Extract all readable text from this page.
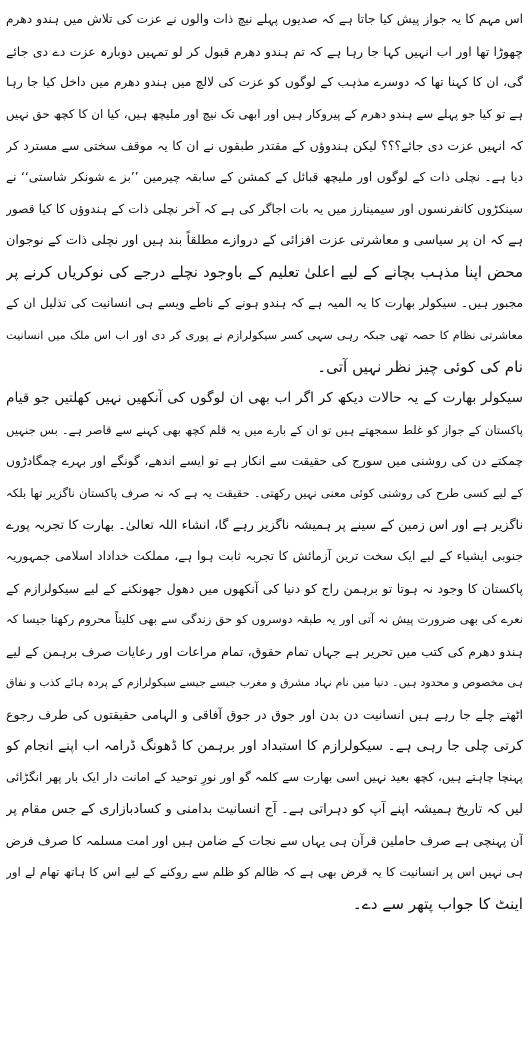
اس مہم کا یہ جواز پیش کیا جاتا ہے کہ صدیوں پہلے نیچ ذات والوں نے عزت کی تلاش میں ہندو دھرم
چھوڑا تھا اور اب انہیں کہا جا رہا ہے کہ تم ہندو دھرم قبول کر لو تمہیں دوبارہ عزت دے دی جائے
گی، ان کا کہنا تھا کہ دوسرے مذہب کے لوگوں کو عزت کی لالچ میں ہندو دھرم میں داخل کیا جا رہا
ہے تو کیا جو پہلے سے ہندو دھرم کے پیروکار ہیں اور ابھی تک نیچ اور ملیچھ ہیں، کیا ان کا کچھ حق نہیں
کہ انہیں عزت دی جائے؟؟؟ لیکن ہندوؤں کے مقتدر طبقوں نے ان کا یہ موقف سختی سے مسترد کر
دیا ہے۔ نچلی ذات کے لوگوں اور ملیچھ قبائل کے کمشن کے سابقہ چیرمین ’’بز ے شونکر شاستی‘‘ نے
سینکڑوں کانفرنسوں اور سیمینارز میں یہ بات اجاگر کی ہے کہ آخر نچلی ذات کے ہندوؤں کا کیا قصور
ہے کہ ان پر سیاسی و معاشرتی عزت افزائی کے دروازے مطلقاً بند ہیں اور نچلی ذات کے نوجوان
محض اپنا مذہب بچانے کے لیے اعلیٰ تعلیم کے باوجود نچلے درجے کی نوکریاں کرنے پر
مجبور ہیں۔ سیکولر بھارت کا یہ المیہ ہے کہ ہندو ہونے کے ناطے ویسے ہی انسانیت کی تذلیل ان کے
معاشرتی نظام کا حصہ تھی جبکہ رہی سہی کسر سیکولرازم نے پوری کر دی اور اب اس ملک میں انسانیت
نام کی کوئی چیز نظر نہیں آتی۔
سیکولر بھارت کے یہ حالات دیکھ کر اگر اب بھی ان لوگوں کی آنکھیں نہیں کھلتیں جو قیام
پاکستان کے جواز کو غلط سمجھتے ہیں تو ان کے بارے میں یہ قلم کچھ بھی کہنے سے قاصر ہے۔ بس جنہیں
چمکتے دن کی روشنی میں سورج کی حقیقت سے انکار ہے تو ایسے اندھے، گونگے اور بہرے چمگادڑوں
کے لیے کسی طرح کی روشنی کوئی معنی نہیں رکھتی۔ حقیقت یہ ہے کہ نہ صرف پاکستان ناگزیر تھا بلکہ
ناگزیر ہے اور اس زمین کے سینے پر ہمیشہ ناگزیر رہے گا، انشاء اللہ تعالیٰ۔ بھارت کا تجربہ پورے
جنوبی ایشیاء کے لیے ایک سخت ترین آزمائش کا تجربہ ثابت ہوا ہے، مملکت خداداد اسلامی جمہوریہ
پاکستان کا وجود نہ ہوتا تو برہمن راج کو دنیا کی آنکھوں میں دھول جھونکنے کے لیے سیکولرازم کے
نعرے کی بھی ضرورت پیش نہ آتی اور یہ طبقہ دوسروں کو حق زندگی سے بھی کلیتاً محروم رکھتا جیسا کہ
ہندو دھرم کی کتب میں تحریر ہے جہاں تمام حقوق، تمام مراعات اور رعایات صرف برہمن کے لیے
ہی مخصوص و محدود ہیں۔ دنیا میں نام نہاد مشرق و مغرب جیسے جیسے سیکولرازم کے پردہ ہائے کذب و نفاق
اٹھتے چلے جا رہے ہیں انسانیت دن بدن اور جوق در جوق آفاقی و الہامی حقیقتوں کی طرف رجوع
کرتی چلی جا رہی ہے۔ سیکولرازم کا استبداد اور برہمن کا ڈھونگ ڈرامہ اب اپنے انجام کو
پہنچا چاہتے ہیں، کچھ بعید نہیں اسی بھارت سے کلمہ گو اور نورِ توحید کے امانت دار ایک بار پھر انگڑائی
لیں کہ تاریخ ہمیشہ اپنے آپ کو دہراتی ہے۔ آج انسانیت بدامنی و کسادبازاری کے جس مقام پر
آن پہنچی ہے صرف حاملین قرآن ہی یہاں سے نجات کے ضامن ہیں اور امت مسلمہ کا صرف فرض
ہی نہیں اس پر انسانیت کا یہ قرض بھی ہے کہ ظالم کو ظلم سے روکنے کے لیے اس کا ہاتھ تھام لے اور
اینٹ کا جواب پتھر سے دے۔
